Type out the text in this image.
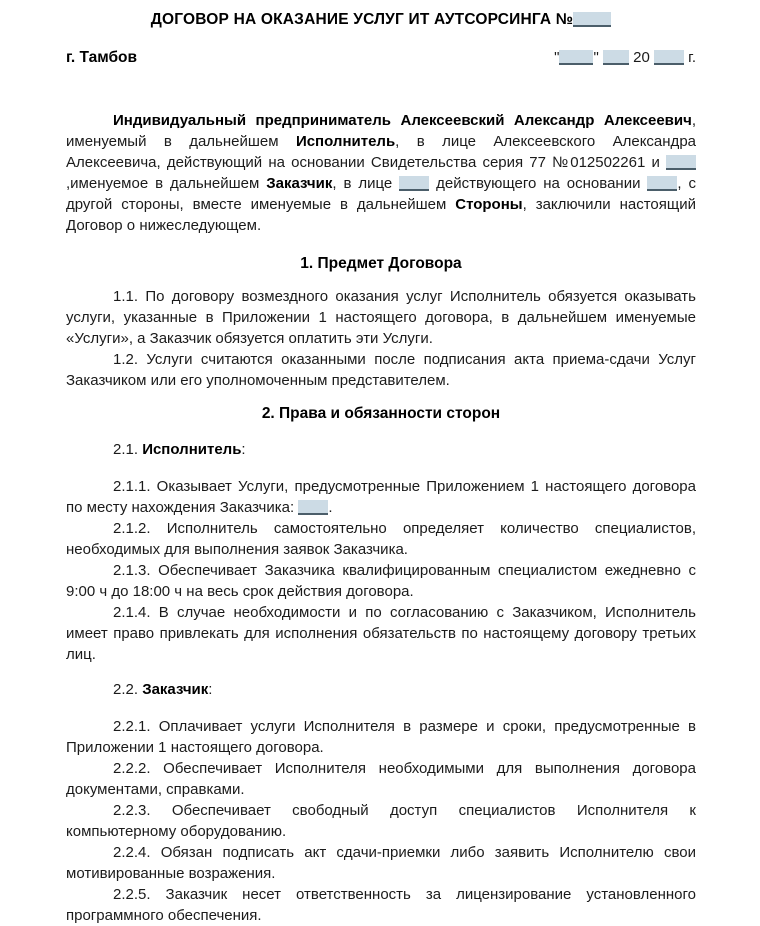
ДОГОВОР НА ОКАЗАНИЕ УСЛУГ ИТ АУТСОРСИНГА №
г. Тамбов	" "  20  г.

Индивидуальный предприниматель Алексеевский Александр Алексеевич, именуемый в дальнейшем Исполнитель, в лице Алексеевского Александра Алексеевича, действующий на основании Свидетельства серия 77 №012502261 и ,именуемое в дальнейшем Заказчик, в лице  действующего на основании , с другой стороны, вместе именуемые в дальнейшем Стороны, заключили настоящий Договор о нижеследующем.

1. Предмет Договора

1.1. По договору возмездного оказания услуг Исполнитель обязуется оказывать услуги, указанные в Приложении 1 настоящего договора, в дальнейшем именуемые «Услуги», а Заказчик обязуется оплатить эти Услуги.

1.2. Услуги считаются оказанными после подписания акта приема-сдачи Услуг Заказчиком или его уполномоченным представителем.

2. Права и обязанности сторон

2.1. Исполнитель:

2.1.1. Оказывает Услуги, предусмотренные Приложением 1 настоящего договора по месту нахождения Заказчика: .

2.1.2. Исполнитель самостоятельно определяет количество специалистов, необходимых для выполнения заявок Заказчика.

2.1.3. Обеспечивает Заказчика квалифицированным специалистом ежедневно с 9:00 ч до 18:00 ч на весь срок действия договора.

2.1.4. В случае необходимости и по согласованию с Заказчиком, Исполнитель имеет право привлекать для исполнения обязательств по настоящему договору третьих лиц.

2.2. Заказчик:

2.2.1. Оплачивает услуги Исполнителя в размере и сроки, предусмотренные в Приложении 1 настоящего договора.

2.2.2. Обеспечивает Исполнителя необходимыми для выполнения договора документами, справками.

2.2.3. Обеспечивает свободный доступ специалистов Исполнителя к компьютерному оборудованию.

2.2.4. Обязан подписать акт сдачи-приемки либо заявить Исполнителю свои мотивированные возражения.

2.2.5. Заказчик несет ответственность за лицензирование установленного программного обеспечения.
